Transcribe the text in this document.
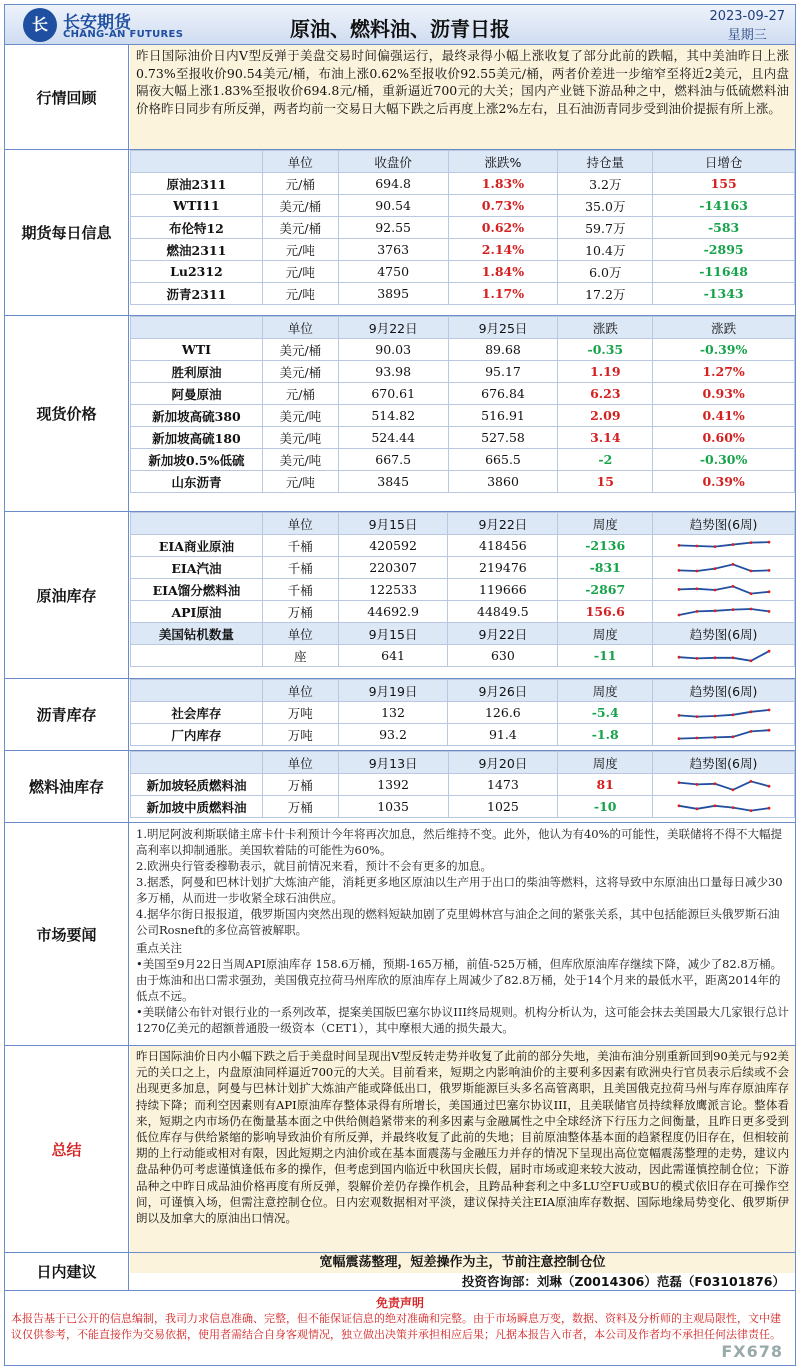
长 长安期货
CHANG-AN FUTURES	原油、燃料油、沥青日报
2023-09-27
星期三
行情回顾
昨日国际油价日内V型反弹于美盘交易时间偏强运行，最终录得小幅上涨收复了部分此前的跌幅，其中美油昨日上涨0.73%至报收价90.54美元/桶，布油上涨0.62%至报收价92.55美元/桶，两者价差进一步缩窄至将近2美元，且内盘隔夜大幅上涨1.83%至报收价694.8元/桶，重新逼近700元的大关；国内产业链下游品种之中，燃料油与低硫燃料油价格昨日同步有所反弹，两者均前一交易日大幅下跌之后再度上涨2%左右，且石油沥青同步受到油价提振有所上涨。
期货每日信息
	单位	收盘价	涨跌%	持仓量	日增仓
原油2311	元/桶	694.8	1.83%	3.2万	155
WTI11	美元/桶	90.54	0.73%	35.0万	-14163
布伦特12	美元/桶	92.55	0.62%	59.7万	-583
燃油2311	元/吨	3763	2.14%	10.4万	-2895
Lu2312	元/吨	4750	1.84%	6.0万	-11648
沥青2311	元/吨	3895	1.17%	17.2万	-1343
现货价格
	单位	9月22日	9月25日	涨跌	涨跌
WTI	美元/桶	90.03	89.68	-0.35	-0.39%
胜利原油	美元/桶	93.98	95.17	1.19	1.27%
阿曼原油	元/桶	670.61	676.84	6.23	0.93%
新加坡高硫380	美元/吨	514.82	516.91	2.09	0.41%
新加坡高硫180	美元/吨	524.44	527.58	3.14	0.60%
新加坡0.5%低硫	美元/吨	667.5	665.5	-2	-0.30%
山东沥青	元/吨	3845	3860	15	0.39%
原油库存
	单位	9月15日	9月22日	周度	趋势图(6周)
EIA商业原油	千桶	420592	418456	-2136	

EIA汽油	千桶	220307	219476	-831	

EIA馏分燃料油	千桶	122533	119666	-2867	

API原油	万桶	44692.9	44849.5	156.6	

美国钻机数量	单位	9月15日	9月22日	周度	趋势图(6周)
	座	641	630	-11	
沥青库存
	单位	9月19日	9月26日	周度	趋势图(6周)
社会库存	万吨	132	126.6	-5.4	

厂内库存	万吨	93.2	91.4	-1.8	
燃料油库存
	单位	9月13日	9月20日	周度	趋势图(6周)
新加坡轻质燃料油	万桶	1392	1473	81	

新加坡中质燃料油	万桶	1035	1025	-10	
市场要闻

1.明尼阿波利斯联储主席卡什卡利预计今年将再次加息，然后维持不变。此外，他认为有40%的可能性，美联储将不得不大幅提高利率以抑制通胀。美国软着陆的可能性为60%。

2.欧洲央行管委穆勒表示，就目前情况来看，预计不会有更多的加息。

3.据悉，阿曼和巴林计划扩大炼油产能，消耗更多地区原油以生产用于出口的柴油等燃料，这将导致中东原油出口量每日减少30多万桶，从而进一步收紧全球石油供应。

4.据华尔街日报报道，俄罗斯国内突然出现的燃料短缺加剧了克里姆林宫与油企之间的紧张关系，其中包括能源巨头俄罗斯石油公司Rosneft的多位高管被解职。

重点关注

•美国至9月22日当周API原油库存 158.6万桶，预期-165万桶，前值-525万桶，但库欣原油库存继续下降，减少了82.8万桶。由于炼油和出口需求强劲，美国俄克拉荷马州库欣的原油库存上周减少了82.8万桶，处于14个月来的最低水平，距离2014年的低点不远。

•美联储公布针对银行业的一系列改革，提案美国版巴塞尔协议III终局规则。机构分析认为，这可能会抹去美国最大几家银行总计1270亿美元的超额普通股一级资本（CET1），其中摩根大通的损失最大。

总结
昨日国际油价日内小幅下跌之后于美盘时间呈现出V型反转走势并收复了此前的部分失地，美油布油分别重新回到90美元与92美元的关口之上，内盘原油同样逼近700元的大关。目前看来，短期之内影响油价的主要利多因素有欧洲央行官员表示后续或不会出现更多加息，阿曼与巴林计划扩大炼油产能或降低出口，俄罗斯能源巨头多名高管离职，且美国俄克拉荷马州与库存原油库存持续下降；而利空因素则有API原油库存整体录得有所增长，美国通过巴塞尔协议III，且美联储官员持续释放鹰派言论。整体看来，短期之内市场仍在衡量基本面之中供给侧趋紧带来的利多因素与金融属性之中全球经济下行压力之间衡量，且昨日更多受到低位库存与供给紧缩的影响导致油价有所反弹，并最终收复了此前的失地；目前原油整体基本面的趋紧程度仍旧存在，但相较前期的上行动能或相对有限，因此短期之内油价或在基本面震荡与金融压力并存的情况下呈现出高位宽幅震荡整理的走势，建议内盘品种仍可考虑谨慎逢低布多的操作，但考虑到国内临近中秋国庆长假，届时市场或迎来较大波动，因此需谨慎控制仓位；下游品种之中昨日成品油价格再度有所反弹，裂解价差仍存操作机会，且跨品种套利之中多LU空FU或BU的模式依旧存在可操作空间，可谨慎入场，但需注意控制仓位。日内宏观数据相对平淡，建议保持关注EIA原油库存数据、国际地缘局势变化、俄罗斯伊朗以及加拿大的原油出口情况。
日内建议
宽幅震荡整理，短差操作为主，节前注意控制仓位
投资咨询部：刘琳（Z0014306）范磊（F03101876）
免责声明
本报告基于已公开的信息编制，我司力求信息准确、完整，但不能保证信息的绝对准确和完整。由于市场瞬息万变，数据、资料及分析师的主观局限性，文中建议仅供参考，不能直接作为交易依据，使用者需结合自身客观情况，独立做出决策并承担相应后果；凡据本报告入市者，本公司及作者均不承担任何法律责任。
FX678
